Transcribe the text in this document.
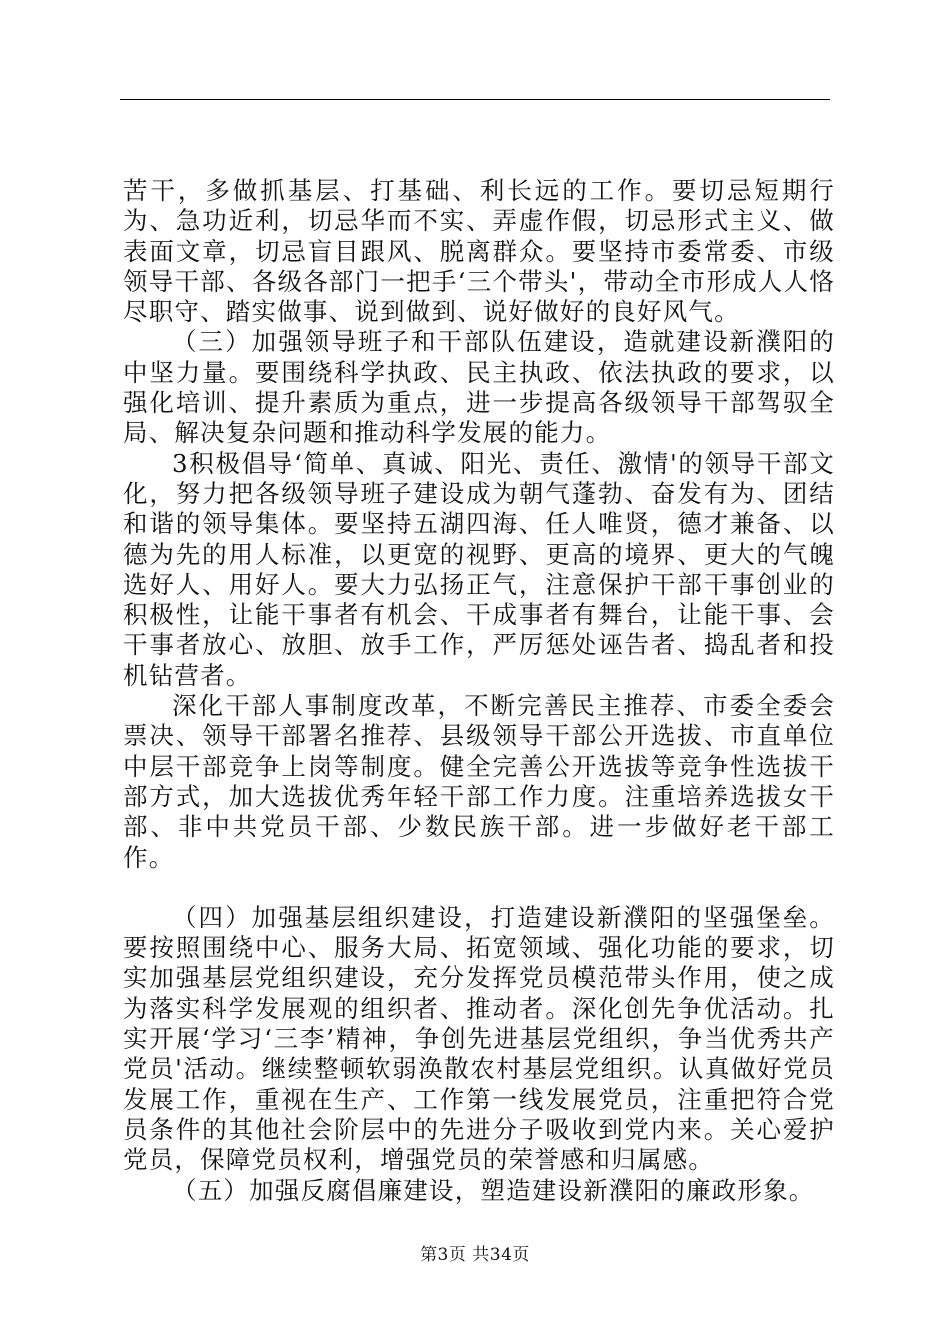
苦干，多做抓基层、打基础、利长远的工作。要切忌短期行为、急功近利，切忌华而不实、弄虚作假，切忌形式主义、做表面文章，切忌盲目跟风、脱离群众。要坚持市委常委、市级领导干部、各级各部门一把手‘三个带头'，带动全市形成人人恪尽职守、踏实做事、说到做到、说好做好的良好风气。

（三）加强领导班子和干部队伍建设，造就建设新濮阳的中坚力量。要围绕科学执政、民主执政、依法执政的要求，以强化培训、提升素质为重点，进一步提高各级领导干部驾驭全局、解决复杂问题和推动科学发展的能力。

3积极倡导‘简单、真诚、阳光、责任、激情'的领导干部文化，努力把各级领导班子建设成为朝气蓬勃、奋发有为、团结和谐的领导集体。要坚持五湖四海、任人唯贤，德才兼备、以德为先的用人标准，以更宽的视野、更高的境界、更大的气魄选好人、用好人。要大力弘扬正气，注意保护干部干事创业的积极性，让能干事者有机会、干成事者有舞台，让能干事、会干事者放心、放胆、放手工作，严厉惩处诬告者、捣乱者和投机钻营者。

深化干部人事制度改革，不断完善民主推荐、市委全委会票决、领导干部署名推荐、县级领导干部公开选拔、市直单位中层干部竞争上岗等制度。健全完善公开选拔等竞争性选拔干部方式，加大选拔优秀年轻干部工作力度。注重培养选拔女干部、非中共党员干部、少数民族干部。进一步做好老干部工作。

（四）加强基层组织建设，打造建设新濮阳的坚强堡垒。要按照围绕中心、服务大局、拓宽领域、强化功能的要求，切实加强基层党组织建设，充分发挥党员模范带头作用，使之成为落实科学发展观的组织者、推动者。深化创先争优活动。扎实开展‘学习‘三李’精神，争创先进基层党组织，争当优秀共产党员'活动。继续整顿软弱涣散农村基层党组织。认真做好党员发展工作，重视在生产、工作第一线发展党员，注重把符合党员条件的其他社会阶层中的先进分子吸收到党内来。关心爱护党员，保障党员权利，增强党员的荣誉感和归属感。

（五）加强反腐倡廉建设，塑造建设新濮阳的廉政形象。

第3页 共34页
